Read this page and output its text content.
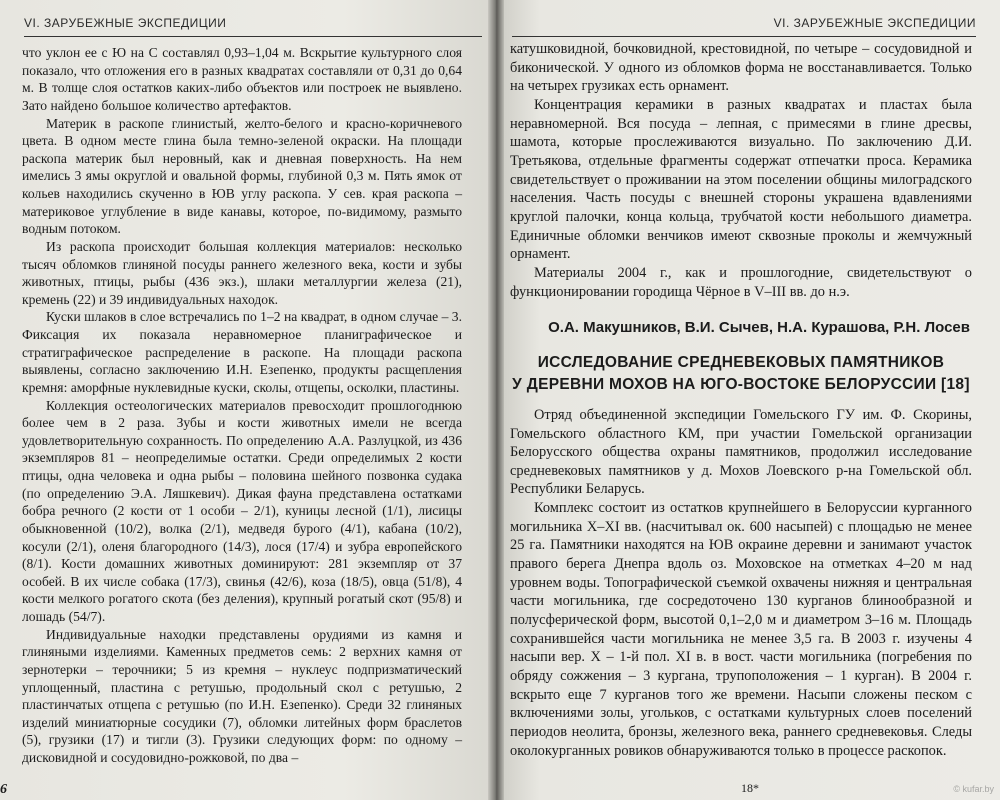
VI. ЗАРУБЕЖНЫЕ ЭКСПЕДИЦИИ

что уклон ее с Ю на С составлял 0,93–1,04 м. Вскрытие культурного слоя показало, что отложения его в разных квадратах составляли от 0,31 до 0,64 м. В толще слоя остатков каких-либо объектов или построек не выявлено. Зато найдено большое количество артефактов.

Материк в раскопе глинистый, желто-белого и красно-коричневого цвета. В одном месте глина была темно-зеленой окраски. На площади раскопа материк был неровный, как и дневная поверхность. На нем имелись 3 ямы округлой и овальной формы, глубиной 0,3 м. Пять ямок от кольев находились скученно в ЮВ углу раскопа. У сев. края раскопа – материковое углубление в виде канавы, которое, по-видимому, размыто водным потоком.

Из раскопа происходит большая коллекция материалов: несколько тысяч обломков глиняной посуды раннего железного века, кости и зубы животных, птицы, рыбы (436 экз.), шлаки металлургии железа (21), кремень (22) и 39 индивидуальных находок.

Куски шлаков в слое встречались по 1–2 на квадрат, в одном случае – 3. Фиксация их показала неравномерное планиграфическое и стратиграфическое распределение в раскопе. На площади раскопа выявлены, согласно заключению И.Н. Езепенко, продукты расщепления кремня: аморфные нуклевидные куски, сколы, отщепы, осколки, пластины.

Коллекция остеологических материалов превосходит прошлогоднюю более чем в 2 раза. Зубы и кости животных имели не всегда удовлетворительную сохранность. По определению А.А. Разлуцкой, из 436 экземпляров 81 – неопределимые остатки. Среди определимых 2 кости птицы, одна человека и одна рыбы – половина шейного позвонка судака (по определению Э.А. Ляшкевич). Дикая фауна представлена остатками бобра речного (2 кости от 1 особи – 2/1), куницы лесной (1/1), лисицы обыкновенной (10/2), волка (2/1), медведя бурого (4/1), кабана (10/2), косули (2/1), оленя благородного (14/3), лося (17/4) и зубра европейского (8/1). Кости домашних животных доминируют: 281 экземпляр от 37 особей. В их числе собака (17/3), свинья (42/6), коза (18/5), овца (51/8), 4 кости мелкого рогатого скота (без деления), крупный рогатый скот (95/8) и лошадь (54/7).

Индивидуальные находки представлены орудиями из камня и глиняными изделиями. Каменных предметов семь: 2 верхних камня от зернотерки – терочники; 5 из кремня – нуклеус подпризматический уплощенный, пластина с ретушью, продольный скол с ретушью, 2 пластинчатых отщепа с ретушью (по И.Н. Езепенко). Среди 32 глиняных изделий миниатюрные сосудики (7), обломки литейных форм браслетов (5), грузики (17) и тигли (3). Грузики следующих форм: по одному – дисковидной и сосудовидно-рожковой, по два –

6
VI. ЗАРУБЕЖНЫЕ ЭКСПЕДИЦИИ

катушковидной, бочковидной, крестовидной, по четыре – сосудовидной и биконической. У одного из обломков форма не восстанавливается. Только на четырех грузиках есть орнамент.

Концентрация керамики в разных квадратах и пластах была неравномерной. Вся посуда – лепная, с примесями в глине дресвы, шамота, которые прослеживаются визуально. По заключению Д.И. Третьякова, отдельные фрагменты содержат отпечатки проса. Керамика свидетельствует о проживании на этом поселении общины милоградского населения. Часть посуды с внешней стороны украшена вдавлениями круглой палочки, конца кольца, трубчатой кости небольшого диаметра. Единичные обломки венчиков имеют сквозные проколы и жемчужный орнамент.

Материалы 2004 г., как и прошлогодние, свидетельствуют о функционировании городища Чёрное в V–III вв. до н.э.

О.А. Макушников, В.И. Сычев, Н.А. Курашова, Р.Н. Лосев
ИССЛЕДОВАНИЕ СРЕДНЕВЕКОВЫХ ПАМЯТНИКОВ
У ДЕРЕВНИ МОХОВ НА ЮГО-ВОСТОКЕ БЕЛОРУССИИ [18]

Отряд объединенной экспедиции Гомельского ГУ им. Ф. Скорины, Гомельского областного КМ, при участии Гомельской организации Белорусского общества охраны памятников, продолжил исследование средневековых памятников у д. Мохов Лоевского р-на Гомельской обл. Республики Беларусь.

Комплекс состоит из остатков крупнейшего в Белоруссии курганного могильника X–XI вв. (насчитывал ок. 600 насыпей) с площадью не менее 25 га. Памятники находятся на ЮВ окраине деревни и занимают участок правого берега Днепра вдоль оз. Моховское на отметках 4–20 м над уровнем воды. Топографической съемкой охвачены нижняя и центральная части могильника, где сосредоточено 130 курганов блинообразной и полусферической форм, высотой 0,1–2,0 м и диаметром 3–16 м. Площадь сохранившейся части могильника не менее 3,5 га. В 2003 г. изучены 4 насыпи вер. X – 1-й пол. XI в. в вост. части могильника (погребения по обряду сожжения – 3 кургана, трупоположения – 1 курган). В 2004 г. вскрыто еще 7 курганов того же времени. Насыпи сложены песком с включениями золы, угольков, с остатками культурных слоев поселений периодов неолита, бронзы, железного века, раннего средневековья. Следы околокурганных ровиков обнаруживаются только в процессе раскопок.

18*	© kufar.by
